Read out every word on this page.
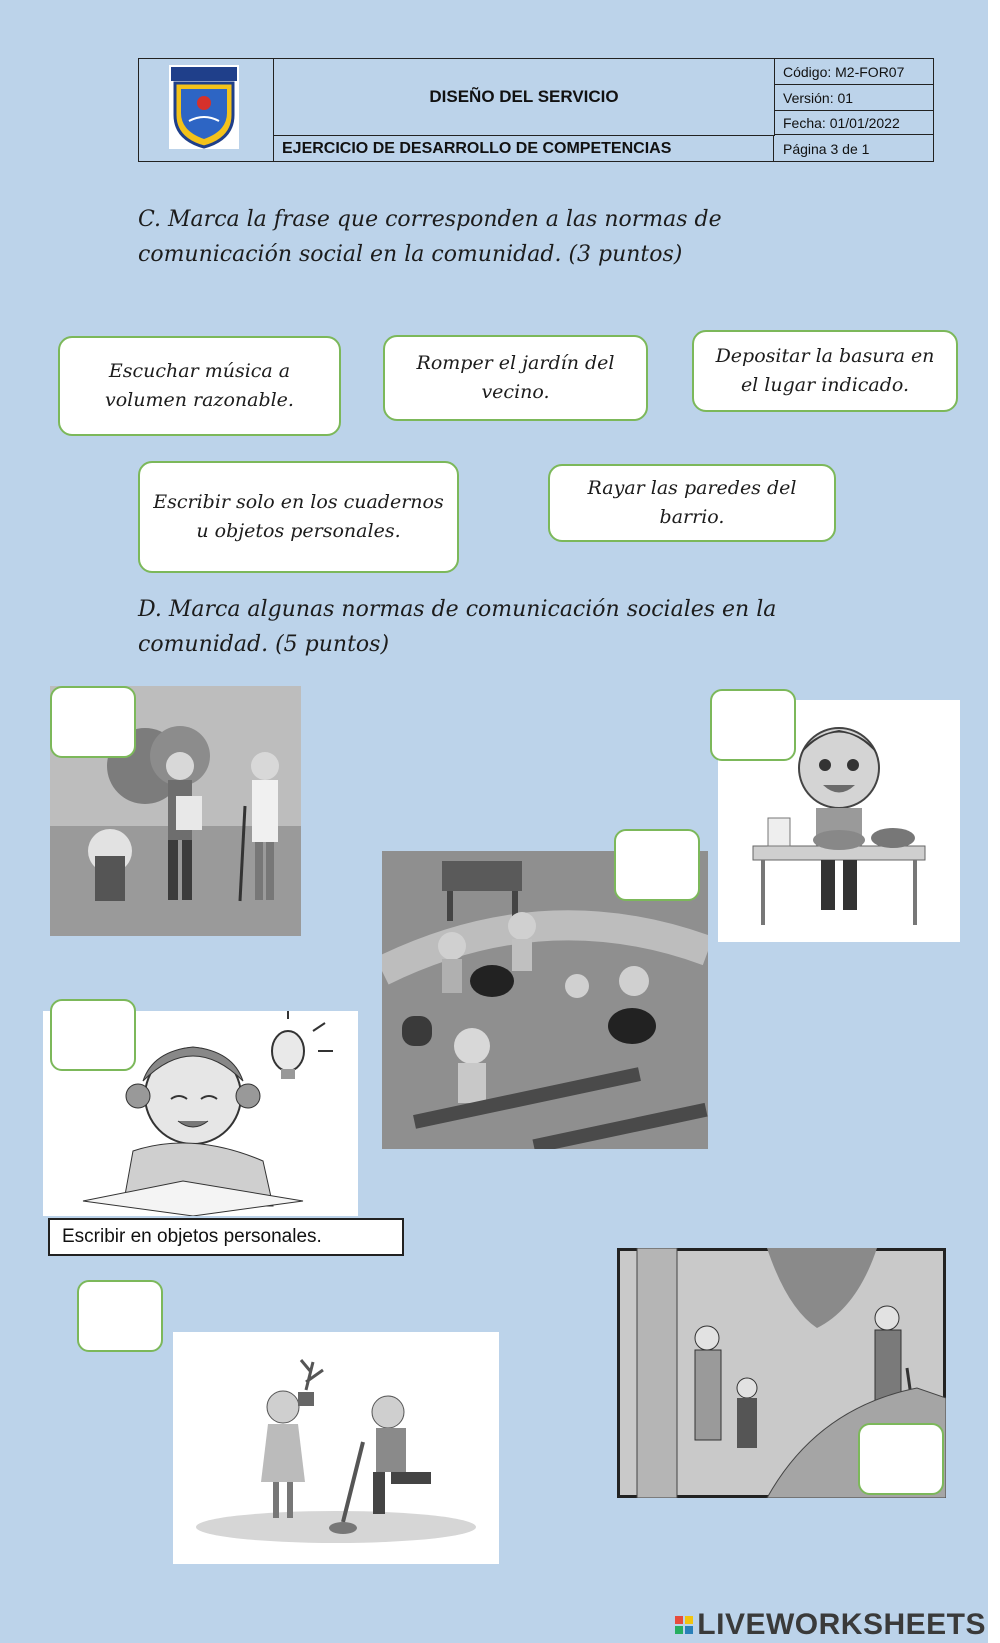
DISEÑO DEL SERVICIO
EJERCICIO DE DESARROLLO DE COMPETENCIAS
Código: M2-FOR07
Versión: 01
Fecha: 01/01/2022
Página 3 de 1
C. Marca la frase que corresponden a las normas de
comunicación social en la comunidad. (3 puntos)
Escuchar música a volumen razonable.
Romper el jardín del vecino.
Depositar la basura en el lugar indicado.
Escribir solo en los cuadernos u objetos personales.
Rayar las paredes del barrio.
D. Marca algunas normas de comunicación sociales en la
comunidad. (5 puntos)
Escribir en objetos personales.
LIVEWORKSHEETS
